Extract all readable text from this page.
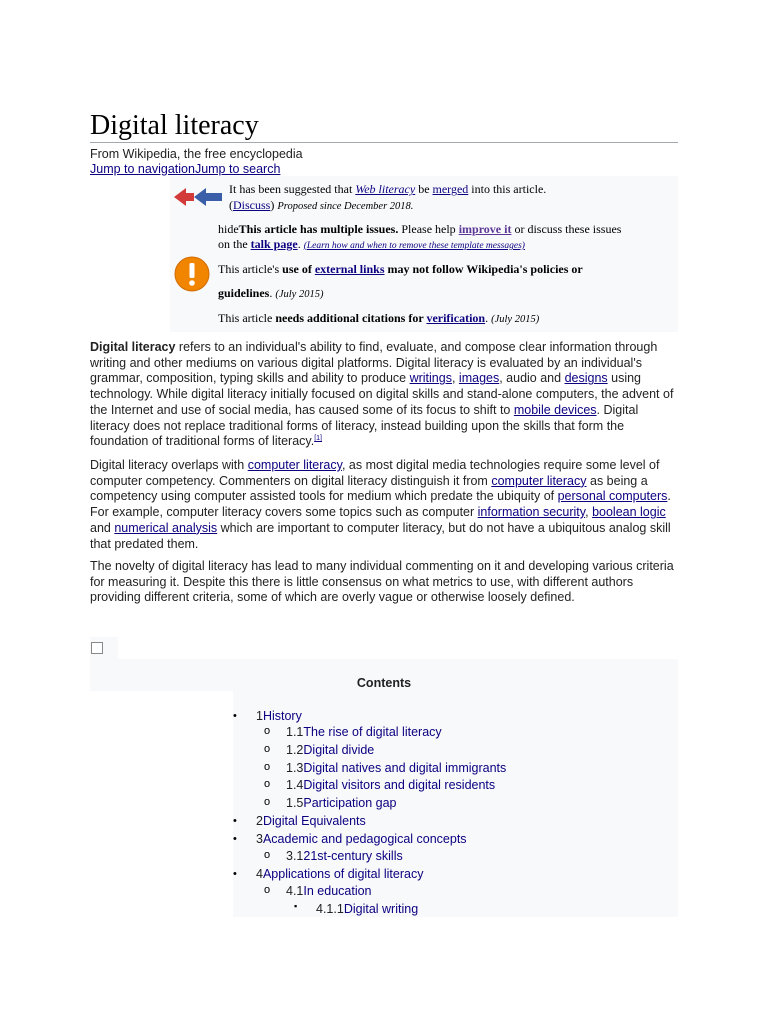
Digital literacy
From Wikipedia, the free encyclopedia
Jump to navigationJump to search
It has been suggested that Web literacy be merged into this article.
(Discuss) Proposed since December 2018.
hideThis article has multiple issues. Please help improve it or discuss these issues
on the talk page. (Learn how and when to remove these template messages)
This article's use of external links may not follow Wikipedia's policies or
guidelines. (July 2015)
This article needs additional citations for verification. (July 2015)

Digital literacy refers to an individual's ability to find, evaluate, and compose clear information through writing and other mediums on various digital platforms. Digital literacy is evaluated by an individual's grammar, composition, typing skills and ability to produce writings, images, audio and designs using technology. While digital literacy initially focused on digital skills and stand-alone computers, the advent of the Internet and use of social media, has caused some of its focus to shift to mobile devices. Digital literacy does not replace traditional forms of literacy, instead building upon the skills that form the foundation of traditional forms of literacy.[1]

Digital literacy overlaps with computer literacy, as most digital media technologies require some level of computer competency. Commenters on digital literacy distinguish it from computer literacy as being a competency using computer assisted tools for medium which predate the ubiquity of personal computers. For example, computer literacy covers some topics such as computer information security, boolean logic and numerical analysis which are important to computer literacy, but do not have a ubiquitous analog skill that predated them.

The novelty of digital literacy has lead to many individual commenting on it and developing various criteria for measuring it. Despite this there is little consensus on what metrics to use, with different authors providing different criteria, some of which are overly vague or otherwise loosely defined.

Contents
• 1History
o 1.1The rise of digital literacy
o 1.2Digital divide
o 1.3Digital natives and digital immigrants
o 1.4Digital visitors and digital residents
o 1.5Participation gap
• 2Digital Equivalents
• 3Academic and pedagogical concepts
o 3.121st-century skills
• 4Applications of digital literacy
o 4.1In education
▪ 4.1.1Digital writing
